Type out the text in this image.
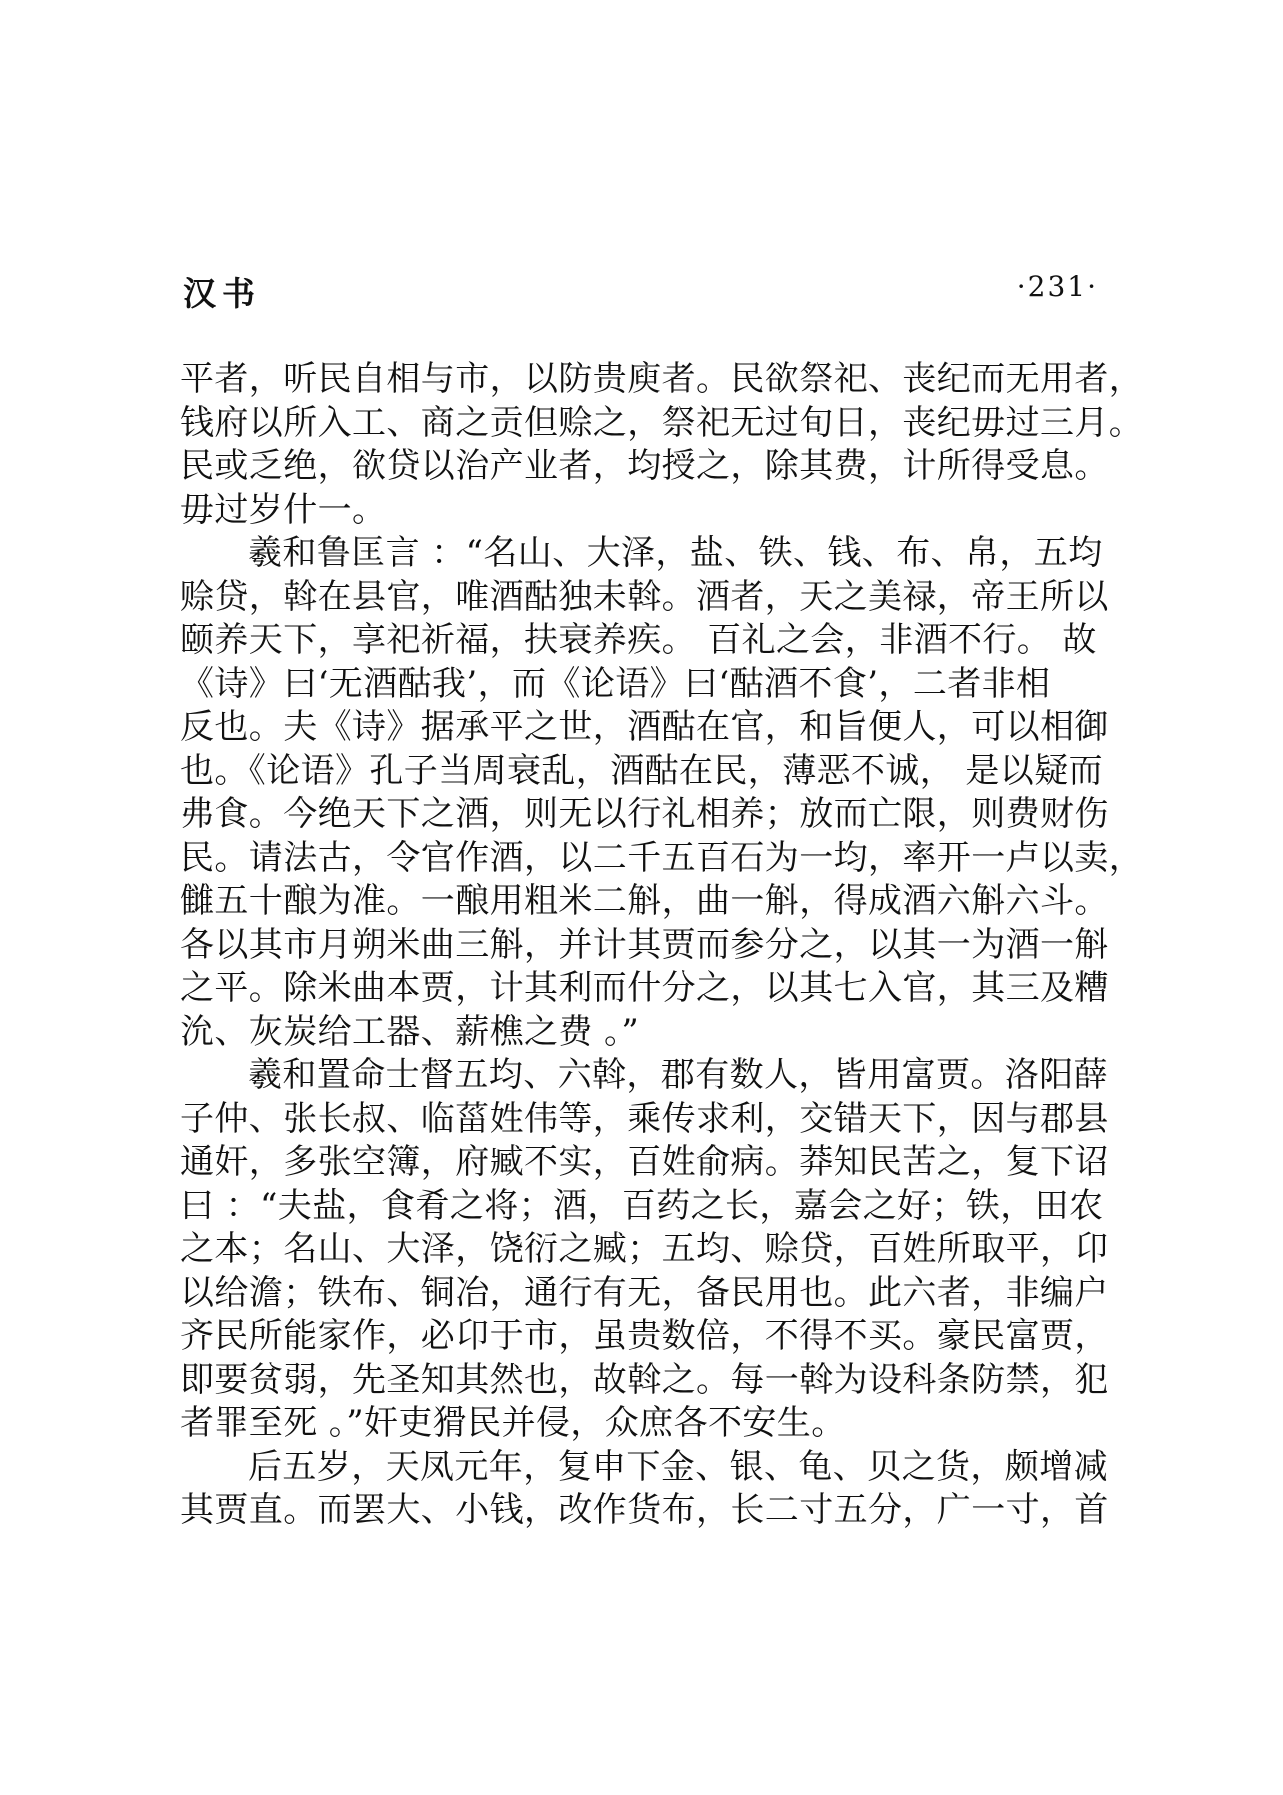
汉书	·231·
平者，听民自相与市，以防贵庾者。民欲祭祀、丧纪而无用者，
钱府以所入工、商之贡但赊之，祭祀无过旬日，丧纪毋过三月。
民或乏绝，欲贷以治产业者，均授之，除其费，计所得受息。
毋过岁什一。
羲和鲁匡言 ：“名山、大泽，盐、铁、钱、布、帛，五均
赊贷，斡在县官，唯酒酤独未斡。酒者，天之美禄，帝王所以
颐养天下，享祀祈福，扶衰养疾。 百礼之会，非酒不行。 故
《诗》曰‘无酒酤我’，而《论语》曰‘酤酒不食’，二者非相
反也。夫《诗》据承平之世，酒酤在官，和旨便人，可以相御
也。《论语》孔子当周衰乱，酒酤在民，薄恶不诚， 是以疑而
弗食。今绝天下之酒，则无以行礼相养；放而亡限，则费财伤
民。请法古，令官作酒，以二千五百石为一均，率开一卢以卖，
雠五十酿为准。一酿用粗米二斛，曲一斛，得成酒六斛六斗。
各以其市月朔米曲三斛，并计其贾而参分之，以其一为酒一斛
之平。除米曲本贾，计其利而什分之，以其七入官，其三及糟
沇、灰炭给工器、薪樵之费 。”
羲和置命士督五均、六斡，郡有数人，皆用富贾。洛阳薛
子仲、张长叔、临菑姓伟等，乘传求利，交错天下，因与郡县
通奸，多张空簿，府臧不实，百姓俞病。莽知民苦之，复下诏
曰 ：“夫盐，食肴之将；酒，百药之长，嘉会之好；铁，田农
之本；名山、大泽，饶衍之臧；五均、赊贷，百姓所取平，卬
以给澹；铁布、铜冶，通行有无，备民用也。此六者，非编户
齐民所能家作，必卬于市，虽贵数倍，不得不买。豪民富贾，
即要贫弱，先圣知其然也，故斡之。每一斡为设科条防禁，犯
者罪至死 。”奸吏猾民并侵，众庶各不安生。
后五岁，天凤元年，复申下金、银、龟、贝之货，颇增减
其贾直。而罢大、小钱，改作货布，长二寸五分，广一寸，首
